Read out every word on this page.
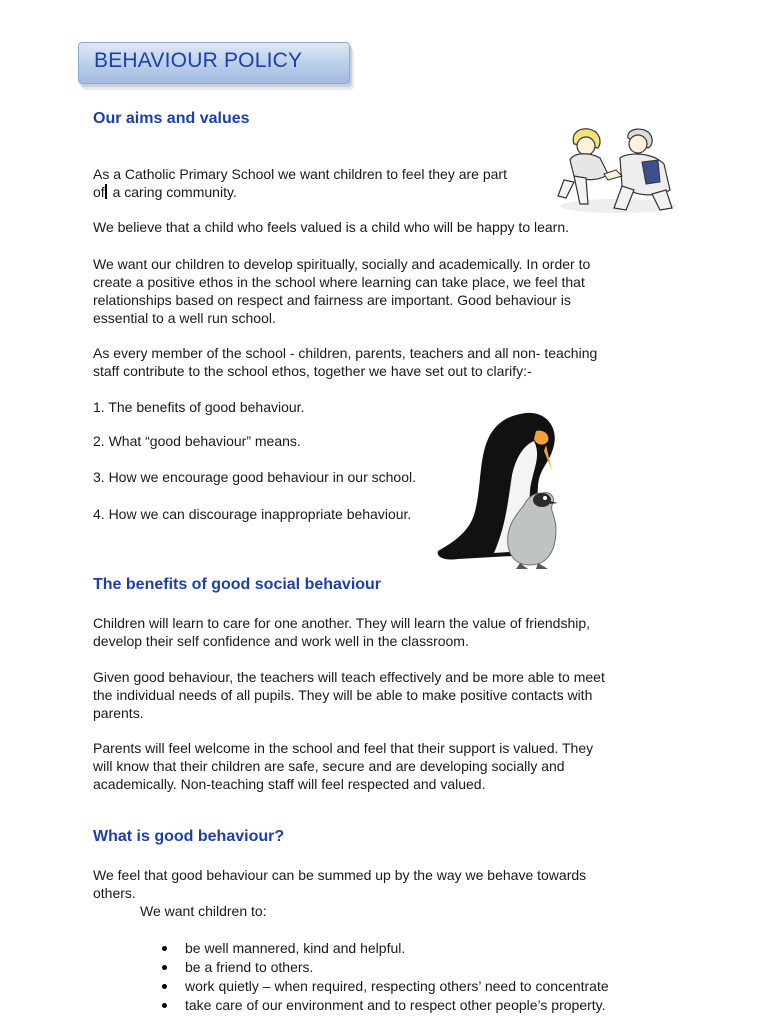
BEHAVIOUR POLICY
Our aims and values
As a Catholic Primary School we want children to feel they are part
of a caring community.
We believe that a child who feels valued is a child who will be happy to learn.
We want our children to develop spiritually, socially and academically. In order to
create a positive ethos in the school where learning can take place, we feel that
relationships based on respect and fairness are important. Good behaviour is
essential to a well run school.
As every member of the school - children, parents, teachers and all non- teaching
staff contribute to the school ethos, together we have set out to clarify:-
1. The benefits of good behaviour.
2. What “good behaviour” means.
3. How we encourage good behaviour in our school.
4. How we can discourage inappropriate behaviour.
The benefits of good social behaviour
Children will learn to care for one another. They will learn the value of friendship,
develop their self confidence and work well in the classroom.
Given good behaviour, the teachers will teach effectively and be more able to meet
the individual needs of all pupils. They will be able to make positive contacts with
parents.
Parents will feel welcome in the school and feel that their support is valued. They
will know that their children are safe, secure and are developing socially and
academically. Non-teaching staff will feel respected and valued.
What is good behaviour?
We feel that good behaviour can be summed up by the way we behave towards
others.
We want children to:
be well mannered, kind and helpful.
be a friend to others.
work quietly – when required, respecting others’ need to concentrate
take care of our environment and to respect other people’s property.
